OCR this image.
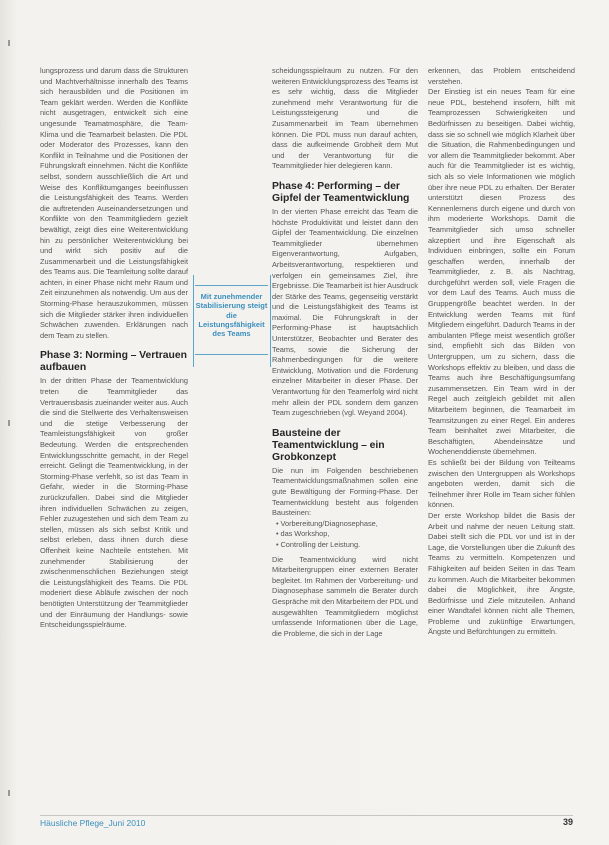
lungsprozess und darum dass die Strukturen und Machtverhältnisse innerhalb des Teams sich herausbilden und die Positionen im Team geklärt werden. Werden die Konflikte nicht ausgetragen, entwickelt sich eine ungesunde Teamatmosphäre, die Team-Klima und die Teamarbeit belasten. Die PDL oder Moderator des Prozesses, kann den Konflikt in Teilnahme und die Positionen der Führungskraft einnehmen. Nicht die Konflikte selbst, sondern ausschließlich die Art und Weise des Konfliktumganges beeinflussen die Leistungsfähigkeit des Teams. Werden die auftretenden Auseinandersetzungen und Konflikte von den Teammitgliedern gezielt bewältigt, zeigt dies eine Weiterentwicklung hin zu persönlicher Weiterentwicklung bei und wirkt sich positiv auf die Zusammenarbeit und die Leistungsfähigkeit des Teams aus. Die Teamleitung sollte darauf achten, in einer Phase nicht mehr Raum und Zeit einzunehmen als notwendig. Um aus der Storming-Phase herauszukommen, müssen sich die Mitglieder stärker ihren individuellen Schwächen zuwenden. Erklärungen nach dem Team zu stellen.

Phase 3: Norming – Vertrauen aufbauen

In der dritten Phase der Teamentwicklung treten die Teammitglieder das Vertrauensbasis zueinander weiter aus. Auch die sind die Stellwerte des Verhaltensweisen und die stetige Verbesserung der Teamleistungsfähigkeit von großer Bedeutung. Werden die entsprechenden Entwicklungsschritte gemacht, in der Regel erreicht. Gelingt die Teamentwicklung, in der Storming-Phase verfehlt, so ist das Team in Gefahr, wieder in die Storming-Phase zurückzufallen. Dabei sind die Mitglieder ihren individuellen Schwächen zu zeigen, Fehler zuzugestehen und sich dem Team zu stellen, müssen als sich selbst Kritik und selbst erleben, dass ihnen durch diese Offenheit keine Nachteile entstehen. Mit zunehmender Stabilisierung der zwischenmenschlichen Beziehungen steigt die Leistungsfähigkeit des Teams. Die PDL moderiert diese Abläufe zwischen der noch benötigten Unterstützung der Teammitglieder und der Einräumung der Handlungs- sowie Entscheidungsspielräume.

Mit zunehmender Stabilisierung steigt die Leistungsfähigkeit des Teams

scheidungsspielraum zu nutzen. Für den weiteren Entwicklungsprozess des Teams ist es sehr wichtig, dass die Mitglieder zunehmend mehr Verantwortung für die Leistungssteigerung und die Zusammenarbeit im Team übernehmen können. Die PDL muss nun darauf achten, dass die aufkeimende Grobheit dem Mut und der Verantwortung für die Teammitglieder hier delegieren kann.

Phase 4: Performing – der Gipfel der Teamentwicklung

In der vierten Phase erreicht das Team die höchste Produktivität und leistet dann den Gipfel der Teamentwicklung. Die einzelnen Teammitglieder übernehmen Eigenverantwortung, Aufgaben, Arbeitsverantwortung, respektieren und verfolgen ein gemeinsames Ziel, ihre Ergebnisse. Die Teamarbeit ist hier Ausdruck der Stärke des Teams, gegenseitig verstärkt und die Leistungsfähigkeit des Teams ist maximal. Die Führungskraft in der Performing-Phase ist hauptsächlich Unterstützer, Beobachter und Berater des Teams, sowie die Sicherung der Rahmenbedingungen für die weitere Entwicklung, Motivation und die Förderung einzelner Mitarbeiter in dieser Phase. Der Verantwortung für den Teamerfolg wird nicht mehr allein der PDL sondern dem ganzen Team zugeschrieben (vgl. Weyand 2004).

Bausteine der Teamentwicklung – ein Grobkonzept

Die nun im Folgenden beschriebenen Teamentwicklungsmaßnahmen sollen eine gute Bewältigung der Forming-Phase. Der Teamentwicklung besteht aus folgenden Bausteinen:

• Vorbereitung/Diagnosephase,
• das Workshop,
• Controlling der Leistung.

Die Teamentwicklung wird nicht Mitarbeitergruppen einer externen Berater begleitet. Im Rahmen der Vorbereitung- und Diagnosephase sammeln die Berater durch Gespräche mit den Mitarbeitern der PDL und ausgewählten Teammitgliedern möglichst umfassende Informationen über die Lage, die Probleme, die sich in der Lage

erkennen, das Problem entscheidend verstehen.

Der Einstieg ist ein neues Team für eine neue PDL, bestehend insofern, hilft mit Teamprozessen Schwierigkeiten und Bedürfnissen zu beseitigen. Dabei wichtig, dass sie so schnell wie möglich Klarheit über die Situation, die Rahmenbedingungen und vor allem die Teammitglieder bekommt. Aber auch für die Teammitglieder ist es wichtig, sich als so viele Informationen wie möglich über ihre neue PDL zu erhalten. Der Berater unterstützt diesen Prozess des Kennenlernens durch eigene und durch von ihm moderierte Workshops. Damit die Teammitglieder sich umso schneller akzeptiert und ihre Eigenschaft als Individuen einbringen, sollte ein Forum geschaffen werden, innerhalb der Teammitglieder, z. B. als Nachtrag, durchgeführt werden soll, viele Fragen die vor dem Lauf des Teams. Auch muss die Gruppengröße beachtet werden. In der Entwicklung werden Teams mit fünf Mitgliedern eingeführt. Dadurch Teams in der ambulanten Pflege meist wesentlich größer sind, empfiehlt sich das Bilden von Untergruppen, um zu sichern, dass die Workshops effektiv zu bleiben, und dass die Teams auch ihre Beschäftigungsumfang zusammensetzen. Ein Team wird in der Regel auch zeitgleich gebildet mit allen Mitarbeitern beginnen, die Teamarbeit im Teamsitzungen zu einer Regel. Ein anderes Team beinhaltet zwei Mitarbeiter, die Beschäftigten, Abendeinsätze und Wochenenddienste übernehmen.

Es schließt bei der Bildung von Teilteams zwischen den Untergruppen als Workshops angeboten werden, damit sich die Teilnehmer ihrer Rolle im Team sicher fühlen können.

Der erste Workshop bildet die Basis der Arbeit und nahme der neuen Leitung statt. Dabei stellt sich die PDL vor und ist in der Lage, die Vorstellungen über die Zukunft des Teams zu vermitteln. Kompetenzen und Fähigkeiten auf beiden Seiten in das Team zu kommen. Auch die Mitarbeiter bekommen dabei die Möglichkeit, ihre Ängste, Bedürfnisse und Ziele mitzuteilen. Anhand einer Wandtafel können nicht alle Themen, Probleme und zukünftige Erwartungen, Ängste und Befürchtungen zu ermitteln.

Häusliche Pflege_Juni 2010	39
